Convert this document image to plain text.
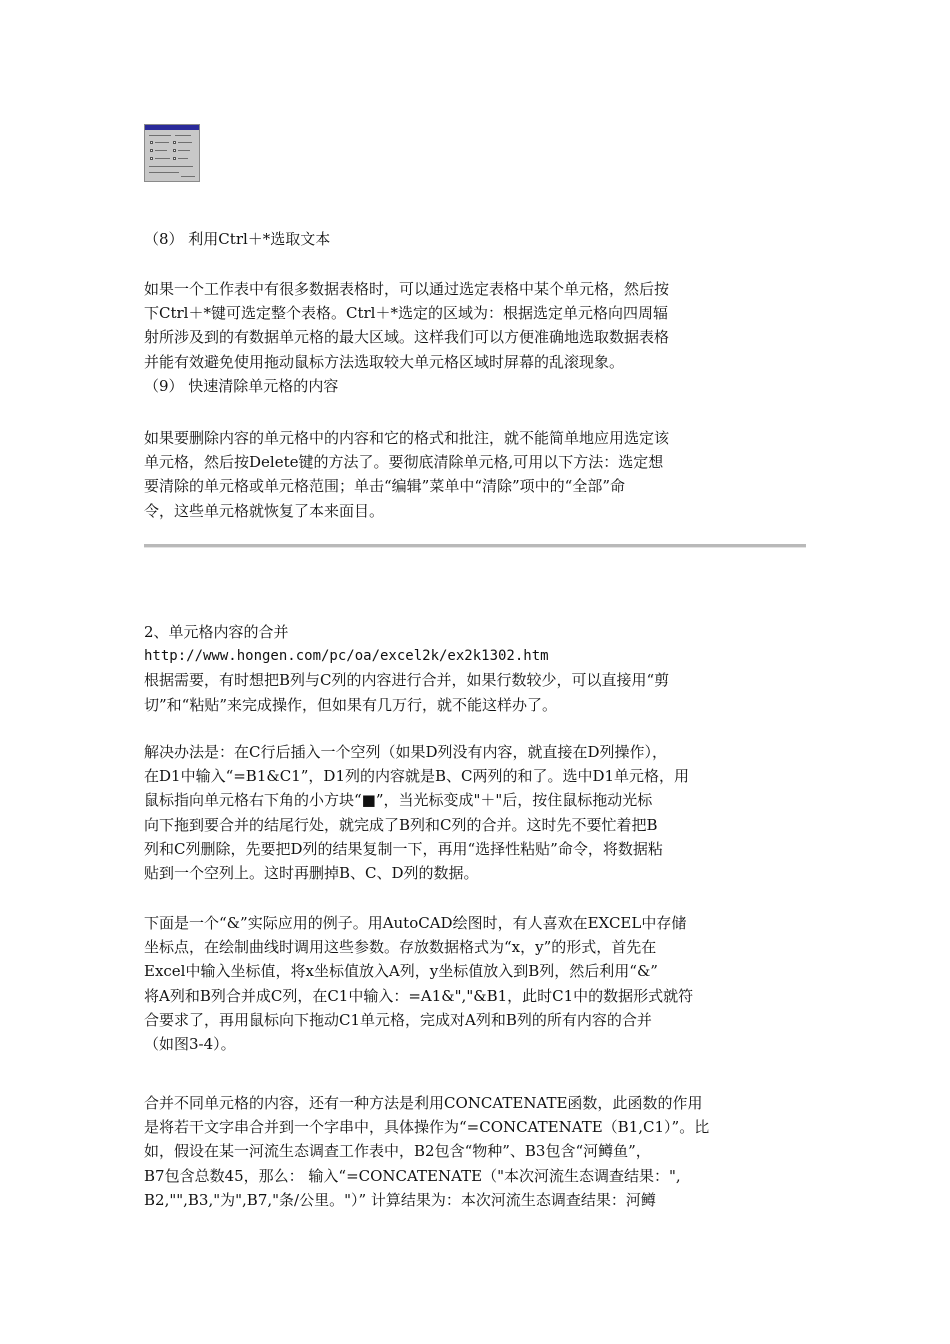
（8） 利用Ctrl＋*选取文本

如果一个工作表中有很多数据表格时，可以通过选定表格中某个单元格，然后按

下Ctrl＋*键可选定整个表格。Ctrl＋*选定的区域为：根据选定单元格向四周辐

射所涉及到的有数据单元格的最大区域。这样我们可以方便准确地选取数据表格

并能有效避免使用拖动鼠标方法选取较大单元格区域时屏幕的乱滚现象。

（9） 快速清除单元格的内容

如果要删除内容的单元格中的内容和它的格式和批注，就不能简单地应用选定该

单元格，然后按Delete键的方法了。要彻底清除单元格,可用以下方法：选定想

要清除的单元格或单元格范围；单击“编辑”菜单中“清除”项中的“全部”命

令，这些单元格就恢复了本来面目。

2、单元格内容的合并

http://www.hongen.com/pc/oa/excel2k/ex2k1302.htm

根据需要，有时想把B列与C列的内容进行合并，如果行数较少，可以直接用“剪

切”和“粘贴”来完成操作，但如果有几万行，就不能这样办了。

解决办法是：在C行后插入一个空列（如果D列没有内容，就直接在D列操作），

在D1中输入“=B1&C1”，D1列的内容就是B、C两列的和了。选中D1单元格，用

鼠标指向单元格右下角的小方块“■”，当光标变成"＋"后，按住鼠标拖动光标

向下拖到要合并的结尾行处，就完成了B列和C列的合并。这时先不要忙着把B

列和C列删除，先要把D列的结果复制一下，再用“选择性粘贴”命令，将数据粘

贴到一个空列上。这时再删掉B、C、D列的数据。

下面是一个“&”实际应用的例子。用AutoCAD绘图时，有人喜欢在EXCEL中存储

坐标点，在绘制曲线时调用这些参数。存放数据格式为“x，y”的形式，首先在

Excel中输入坐标值，将x坐标值放入A列，y坐标值放入到B列，然后利用“&”

将A列和B列合并成C列，在C1中输入：=A1&","&B1，此时C1中的数据形式就符

合要求了，再用鼠标向下拖动C1单元格，完成对A列和B列的所有内容的合并

（如图3-4）。

合并不同单元格的内容，还有一种方法是利用CONCATENATE函数，此函数的作用

是将若干文字串合并到一个字串中，具体操作为“=CONCATENATE（B1,C1）”。比

如，假设在某一河流生态调查工作表中，B2包含“物种”、B3包含“河鳟鱼”，

B7包含总数45，那么： 输入“=CONCATENATE（"本次河流生态调查结果：",

B2,"",B3,"为",B7,"条/公里。"）” 计算结果为：本次河流生态调查结果：河鳟
